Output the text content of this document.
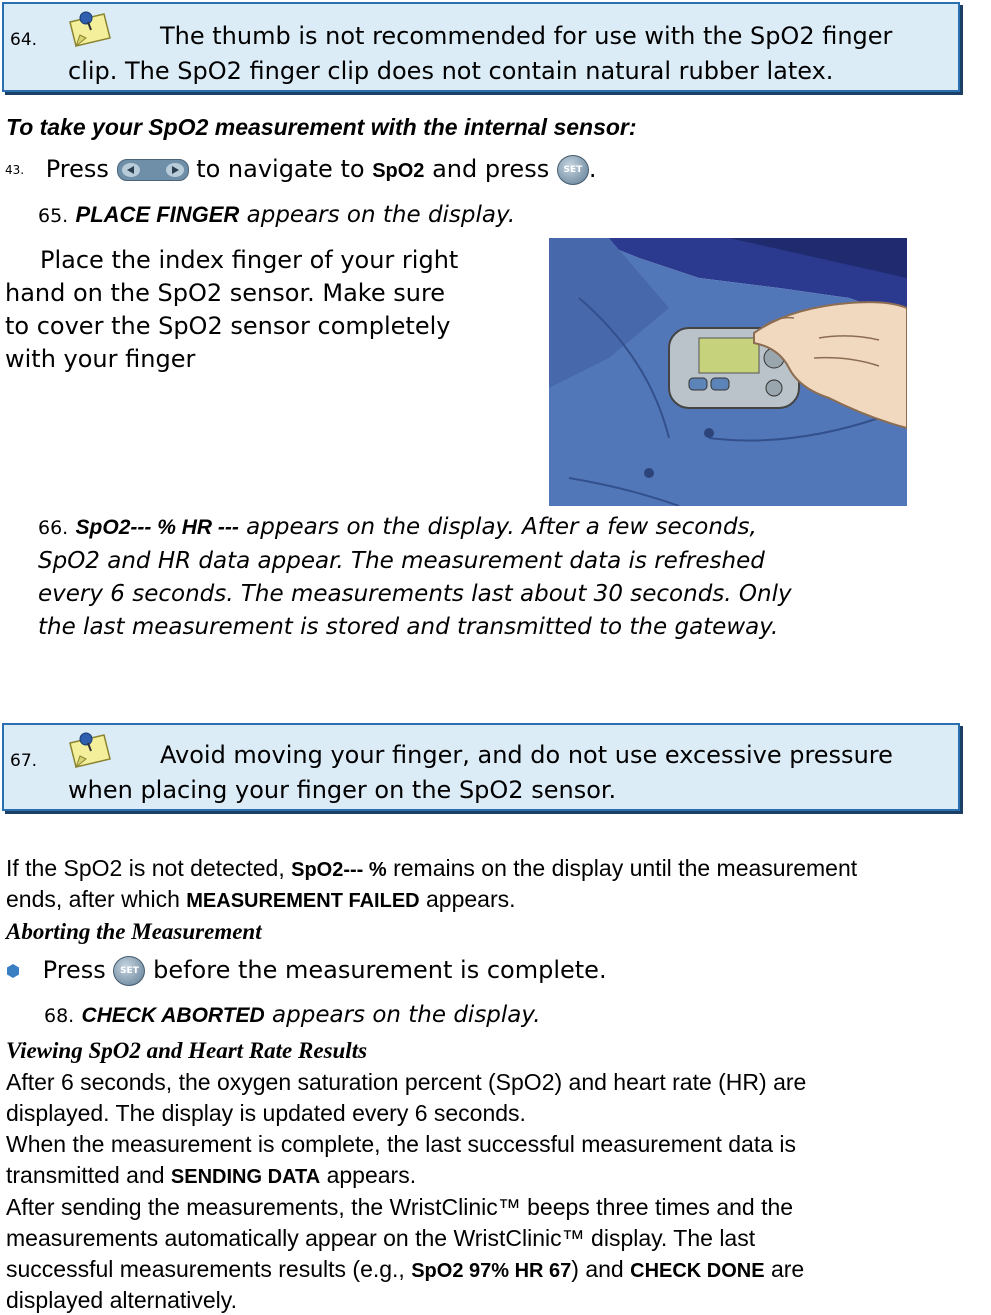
64.	The thumb is not recommended for use with the SpO2 finger
clip. The SpO2 finger clip does not contain natural rubber latex.
To take your SpO2 measurement with the internal sensor:
43. Press	to navigate to SpO2 and press SET .
65. PLACE FINGER appears on the display.
Place the index finger of your right
hand on the SpO2 sensor. Make sure
to cover the SpO2 sensor completely
with your finger
66. SpO2--- % HR --- appears on the display. After a few seconds,
SpO2 and HR data appear. The measurement data is refreshed
every 6 seconds. The measurements last about 30 seconds. Only
the last measurement is stored and transmitted to the gateway.
67.	Avoid moving your finger, and do not use excessive pressure
when placing your finger on the SpO2 sensor.
If the SpO2 is not detected, SpO2--- % remains on the display until the measurement
ends, after which MEASUREMENT FAILED appears.
Aborting the Measurement
Press SET before the measurement is complete.
68. CHECK ABORTED appears on the display.
Viewing SpO2 and Heart Rate Results
After 6 seconds, the oxygen saturation percent (SpO2) and heart rate (HR) are
displayed. The display is updated every 6 seconds.
When the measurement is complete, the last successful measurement data is
transmitted and SENDING DATA appears.
After sending the measurements, the WristClinic™ beeps three times and the
measurements automatically appear on the WristClinic™ display. The last
successful measurements results (e.g., SpO2 97% HR 67) and CHECK DONE are
displayed alternatively.
